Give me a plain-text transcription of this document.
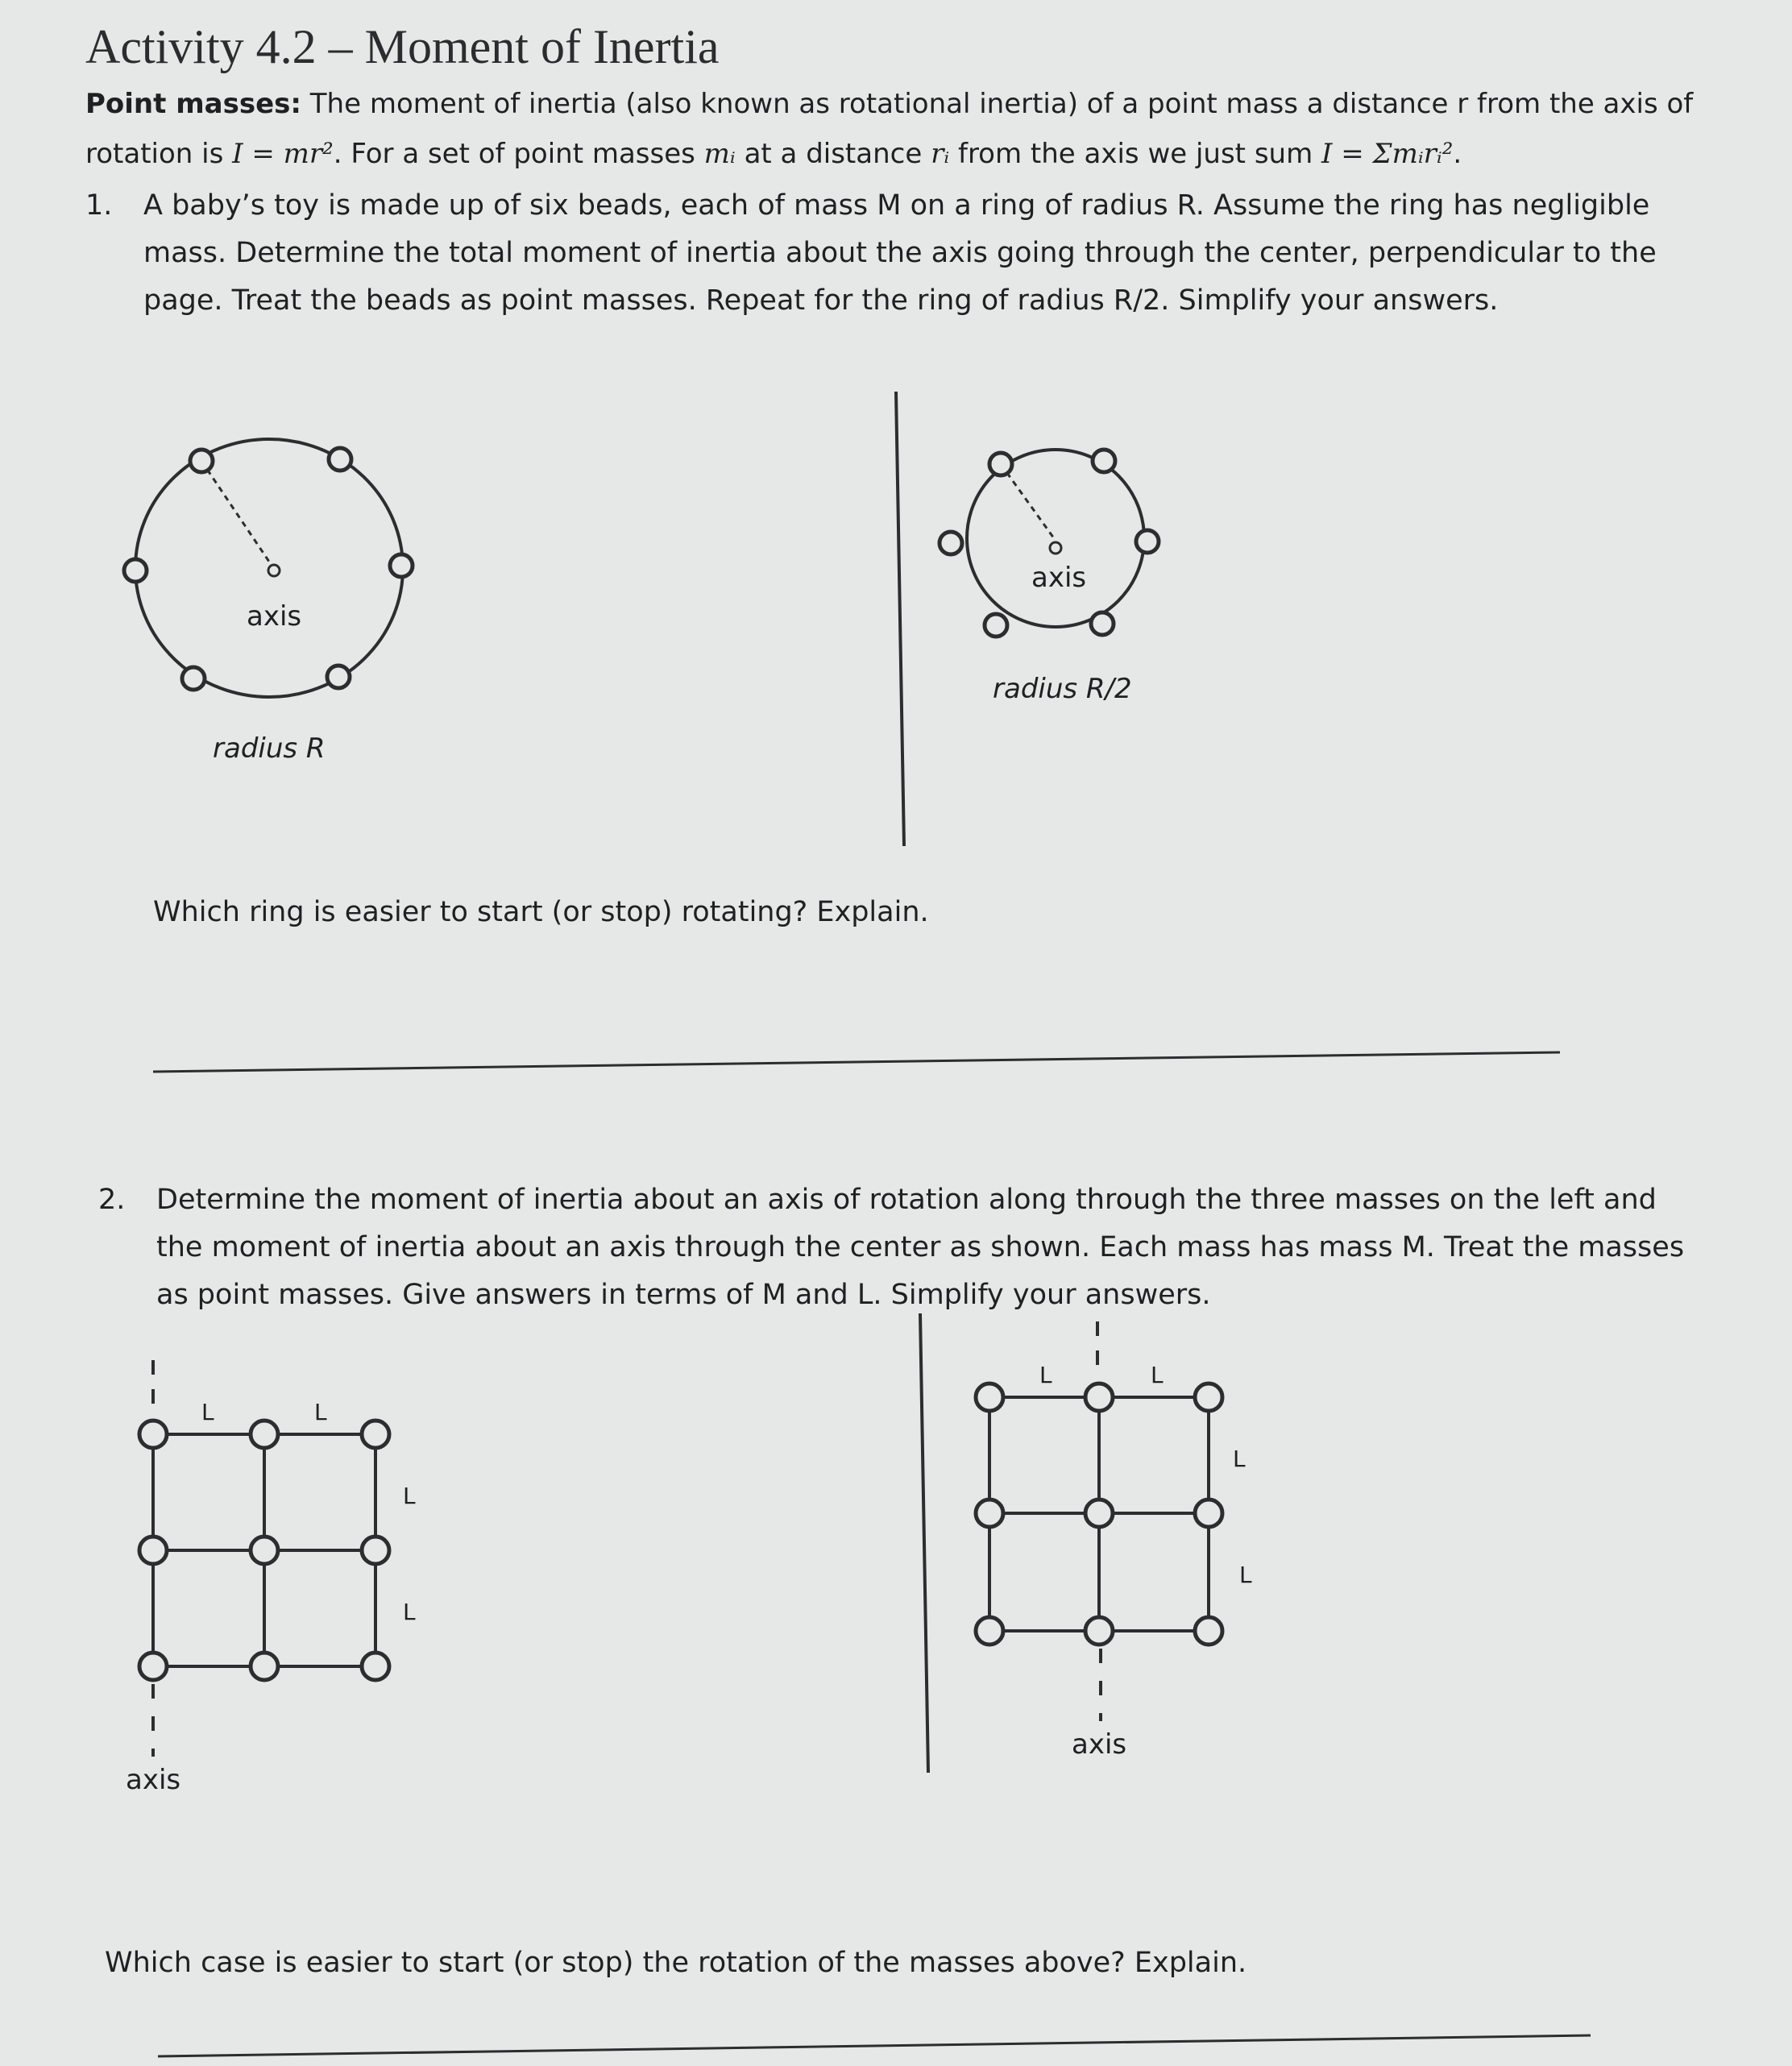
Activity 4.2 – Moment of Inertia
Point masses: The moment of inertia (also known as rotational inertia) of a point mass a distance r from the axis of rotation is I = mr². For a set of point masses mᵢ at a distance rᵢ from the axis we just sum I = Σmᵢrᵢ².
1. A baby’s toy is made up of six beads, each of mass M on a ring of radius R. Assume the ring has negligible mass. Determine the total moment of inertia about the axis going through the center, perpendicular to the page. Treat the beads as point masses. Repeat for the ring of radius R/2. Simplify your answers.
Which ring is easier to start (or stop) rotating? Explain.
2. Determine the moment of inertia about an axis of rotation along through the three masses on the left and the moment of inertia about an axis through the center as shown. Each mass has mass M. Treat the masses as point masses. Give answers in terms of M and L. Simplify your answers.
Which case is easier to start (or stop) the rotation of the masses above? Explain.
axis
radius R
axis
radius R/2
L	L
L
L
axis
L	L
L
L
axis
